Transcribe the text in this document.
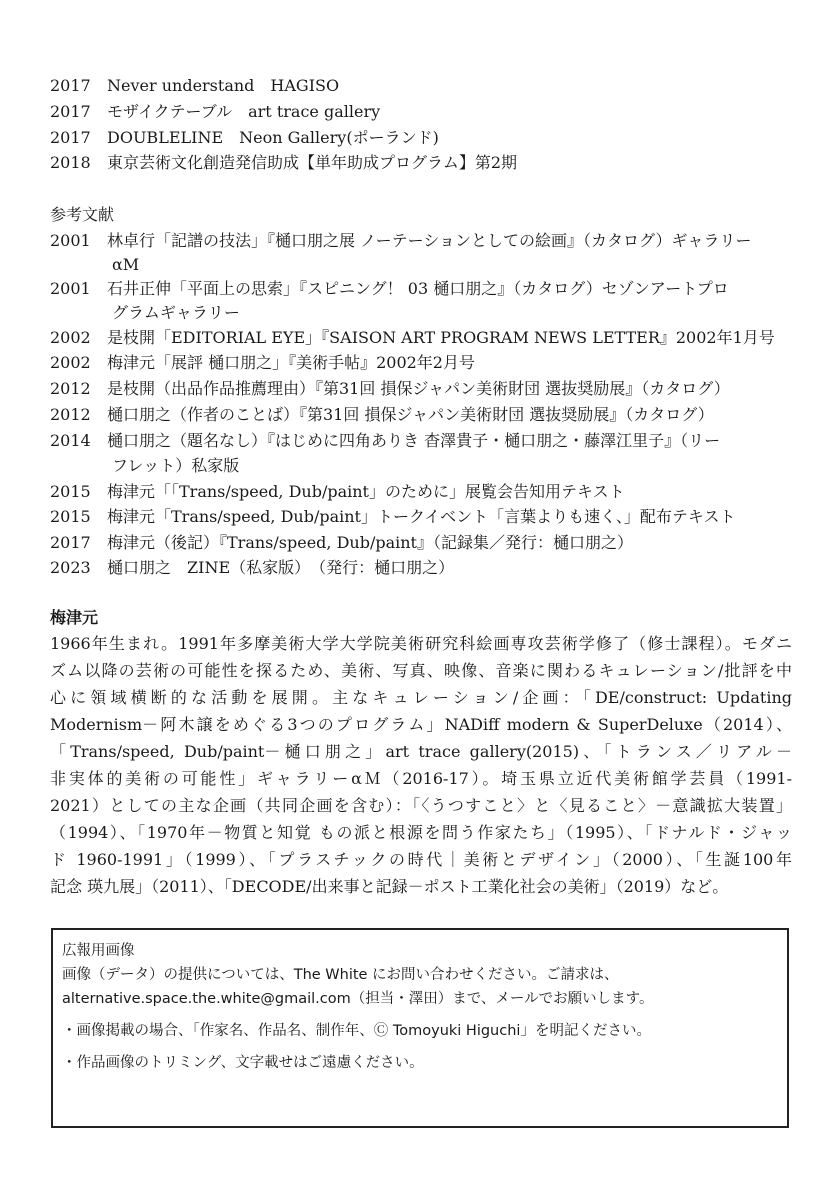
2017	Never understand　HAGISO
2017	モザイクテーブル　art trace gallery
2017	DOUBLELINE　Neon Gallery(ポーランド)
2018	東京芸術文化創造発信助成【単年助成プログラム】第2期
参考文献
2001	林卓行「記譜の技法」『樋口朋之展 ノーテーションとしての絵画』（カタログ）ギャラリー
αM
2001	石井正伸「平面上の思索」『スピニング！ 03 樋口朋之』（カタログ）セゾンアートプロ
グラムギャラリー
2002	是枝開「EDITORIAL EYE」『SAISON ART PROGRAM NEWS LETTER』2002年1月号
2002	梅津元「展評 樋口朋之」『美術手帖』2002年2月号
2012	是枝開（出品作品推薦理由）『第31回 損保ジャパン美術財団 選抜奨励展』（カタログ）
2012	樋口朋之（作者のことば）『第31回 損保ジャパン美術財団 選抜奨励展』（カタログ）
2014	樋口朋之（題名なし）『はじめに四角ありき 杳澤貴子・樋口朋之・藤澤江里子』（リー
フレット）私家版
2015	梅津元「「Trans/speed, Dub/paint」のために」展覧会告知用テキスト
2015	梅津元「Trans/speed, Dub/paint」トークイベント「言葉よりも速く、」配布テキスト
2017	梅津元（後記）『Trans/speed, Dub/paint』（記録集／発行：樋口朋之）
2023	樋口朋之　ZINE（私家版）　（発行：樋口朋之）
梅津元
1966年生まれ。1991年多摩美術大学大学院美術研究科絵画専攻芸術学修了（修士課程）。モダニ
ズム以降の芸術の可能性を探るため、美術、写真、映像、音楽に関わるキュレーション/批評を中
心に領域横断的な活動を展開。主なキュレーション/企画：「DE/construct: Updating
Modernism－阿木譲をめぐる3つのプログラム」NADiff modern & SuperDeluxe（2014）、
「Trans/speed, Dub/paint－樋口朋之」art trace gallery(2015)、「トランス／リアル－
非実体的美術の可能性」ギャラリーαＭ（2016-17）。埼玉県立近代美術館学芸員（1991-
2021）としての主な企画（共同企画を含む）：「〈うつすこと〉と〈見ること〉－意識拡大装置」
（1994）、「1970年－物質と知覚 もの派と根源を問う作家たち」（1995）、「ドナルド・ジャッ
ド 1960-1991」（1999）、「プラスチックの時代｜美術とデザイン」（2000）、「生誕100年
記念 瑛九展」（2011）、「DECODE/出来事と記録－ポスト工業化社会の美術」（2019）など。
広報用画像
画像（データ）の提供については、The White にお問い合わせください。ご請求は、
alternative.space.the.white@gmail.com（担当・澤田）まで、メールでお願いします。
・画像掲載の場合、「作家名、作品名、制作年、Ⓒ Tomoyuki Higuchi」を明記ください。
・作品画像のトリミング、文字載せはご遠慮ください。
